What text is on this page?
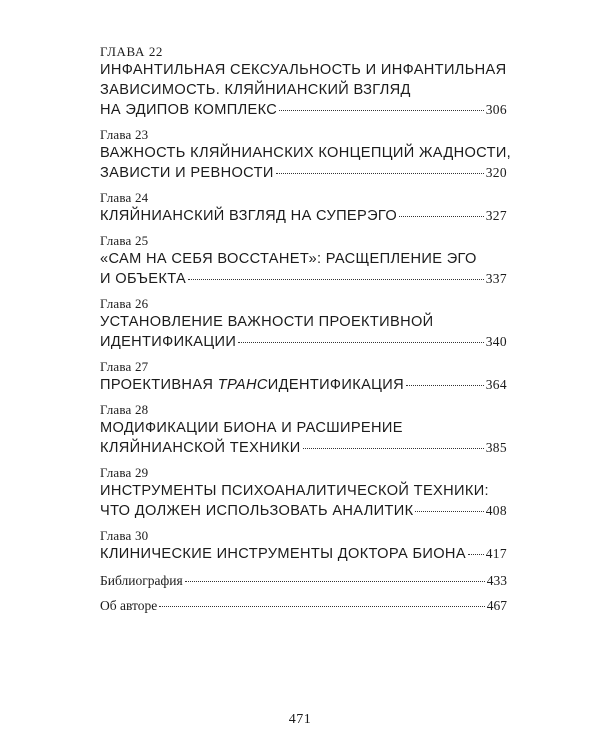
ГЛАВА 22
ИНФАНТИЛЬНАЯ СЕКСУАЛЬНОСТЬ И ИНФАНТИЛЬНАЯ
ЗАВИСИМОСТЬ. КЛЯЙНИАНСКИЙ ВЗГЛЯД
НА ЭДИПОВ КОМПЛЕКС	306
Глава 23
ВАЖНОСТЬ КЛЯЙНИАНСКИХ КОНЦЕПЦИЙ ЖАДНОСТИ,
ЗАВИСТИ И РЕВНОСТИ	320
Глава 24
КЛЯЙНИАНСКИЙ ВЗГЛЯД НА СУПЕРЭГО	327
Глава 25
«САМ НА СЕБЯ ВОССТАНЕТ»: РАСЩЕПЛЕНИЕ ЭГО
И ОБЪЕКТА	337
Глава 26
УСТАНОВЛЕНИЕ ВАЖНОСТИ ПРОЕКТИВНОЙ
ИДЕНТИФИКАЦИИ	340
Глава 27
ПРОЕКТИВНАЯ ТРАНСИДЕНТИФИКАЦИЯ	364
Глава 28
МОДИФИКАЦИИ БИОНА И РАСШИРЕНИЕ
КЛЯЙНИАНСКОЙ ТЕХНИКИ	385
Глава 29
ИНСТРУМЕНТЫ ПСИХОАНАЛИТИЧЕСКОЙ ТЕХНИКИ:
ЧТО ДОЛЖЕН ИСПОЛЬЗОВАТЬ АНАЛИТИК	408
Глава 30
КЛИНИЧЕСКИЕ ИНСТРУМЕНТЫ ДОКТОРА БИОНА 417
Библиография	433
Об авторе	467
471
